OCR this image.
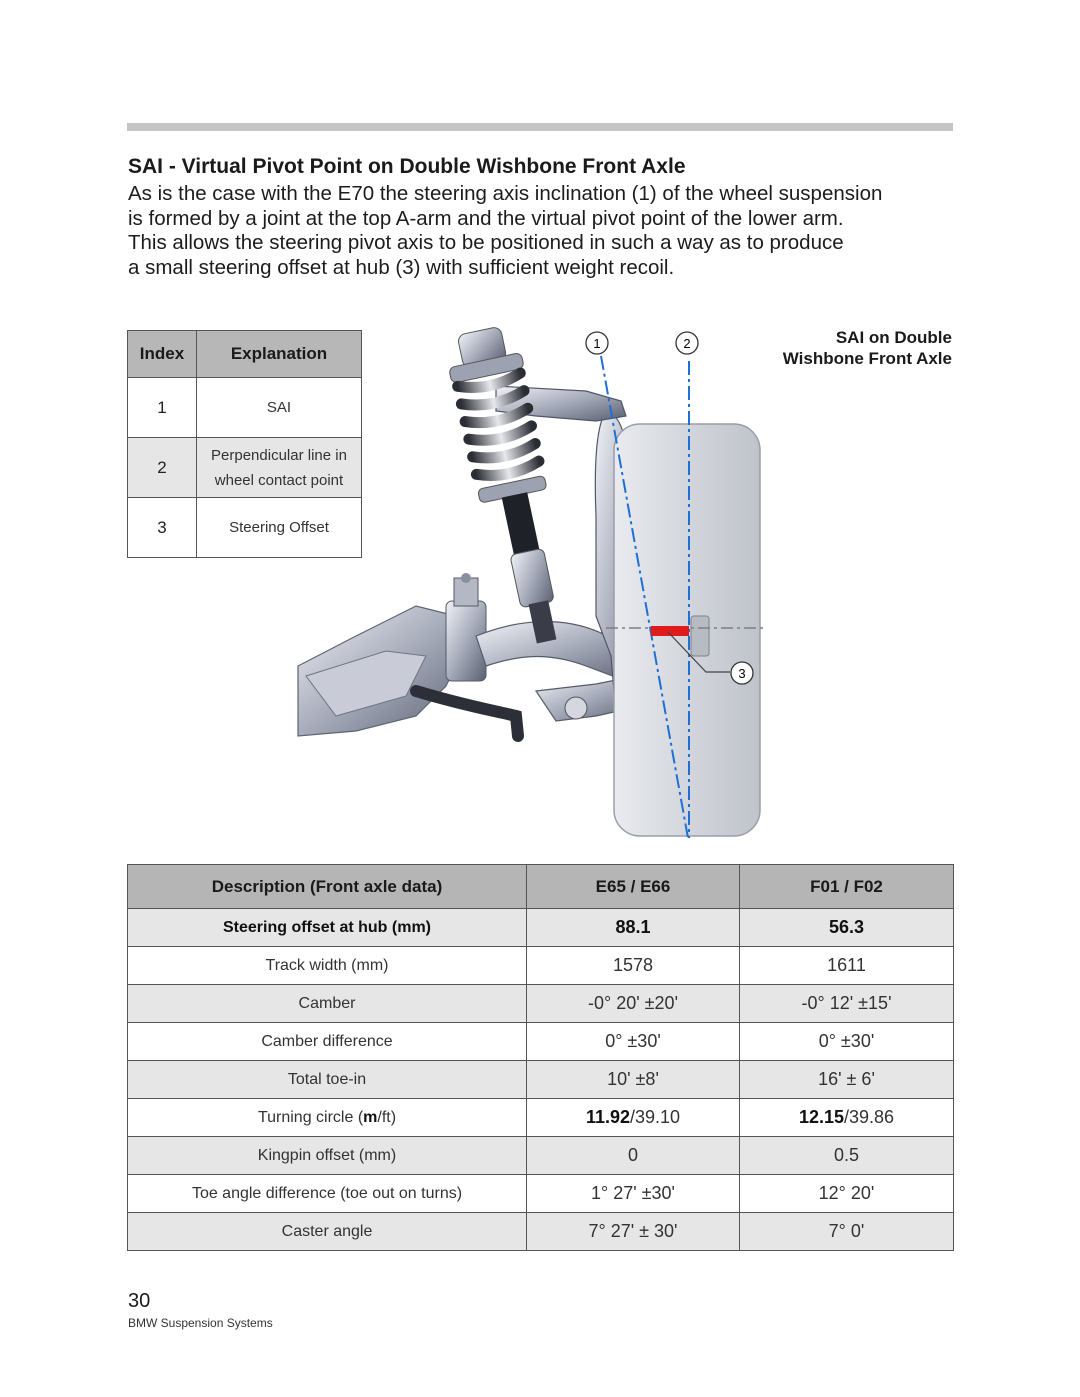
SAI - Virtual Pivot Point on Double Wishbone Front Axle
As is the case with the E70 the steering axis inclination (1) of the wheel suspension
is formed by a joint at the top A-arm and the virtual pivot point of the lower arm.
This allows the steering pivot axis to be positioned in such a way as to produce
a small steering offset at hub (3) with sufficient weight recoil.
Index	Explanation
1	SAI
2	Perpendicular line in
wheel contact point
3	Steering Offset
SAI on Double
Wishbone Front Axle
1	2
3
Description (Front axle data)	E65 / E66	F01 / F02
Steering offset at hub (mm)	88.1	56.3
Track width (mm)	1578	1611
Camber	-0° 20' ±20'	-0° 12' ±15'
Camber difference	0° ±30'	0° ±30'
Total toe-in	10' ±8'	16' ± 6'
Turning circle (m/ft)	11.92/39.10	12.15/39.86
Kingpin offset (mm)	0	0.5
Toe angle difference (toe out on turns)	1° 27' ±30'	12° 20'
Caster angle	7° 27' ± 30'	7° 0'
30
BMW Suspension Systems
